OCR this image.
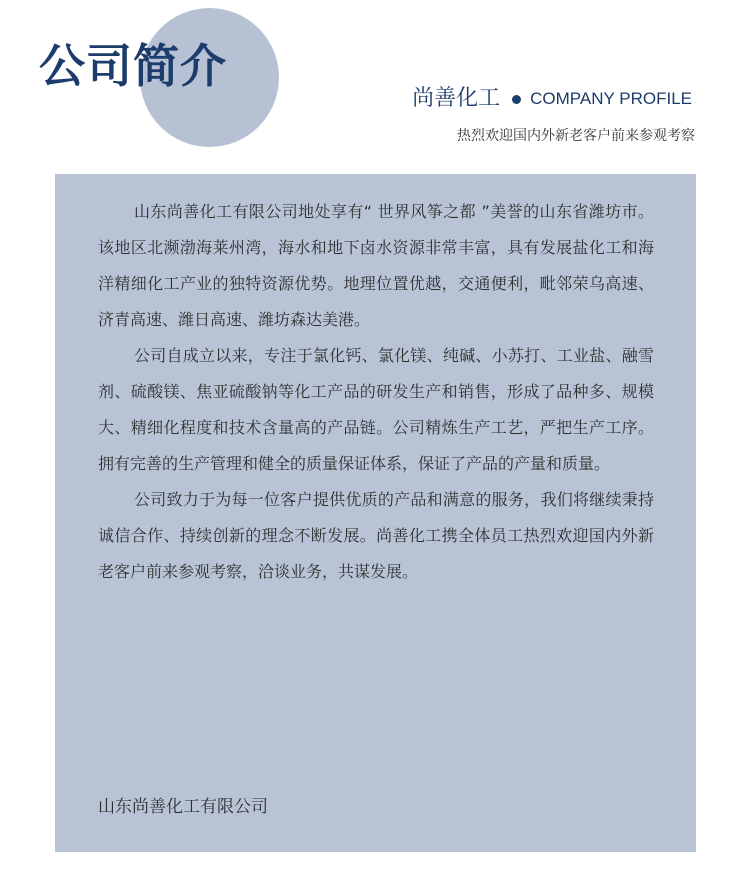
公司简介
尚善化工 COMPANY PROFILE
热烈欢迎国内外新老客户前来参观考察

山东尚善化工有限公司地处享有“ 世界风筝之都 ”美誉的山东省潍坊市。该地区北濒渤海莱州湾，海水和地下卤水资源非常丰富，具有发展盐化工和海洋精细化工产业的独特资源优势。地理位置优越，交通便利，毗邻荣乌高速、济青高速、潍日高速、潍坊森达美港。

公司自成立以来，专注于氯化钙、氯化镁、纯碱、小苏打、工业盐、融雪剂、硫酸镁、焦亚硫酸钠等化工产品的研发生产和销售，形成了品种多、规模大、精细化程度和技术含量高的产品链。公司精炼生产工艺，严把生产工序。拥有完善的生产管理和健全的质量保证体系，保证了产品的产量和质量。

公司致力于为每一位客户提供优质的产品和满意的服务，我们将继续秉持诚信合作、持续创新的理念不断发展。尚善化工携全体员工热烈欢迎国内外新老客户前来参观考察，洽谈业务，共谋发展。

山东尚善化工有限公司
